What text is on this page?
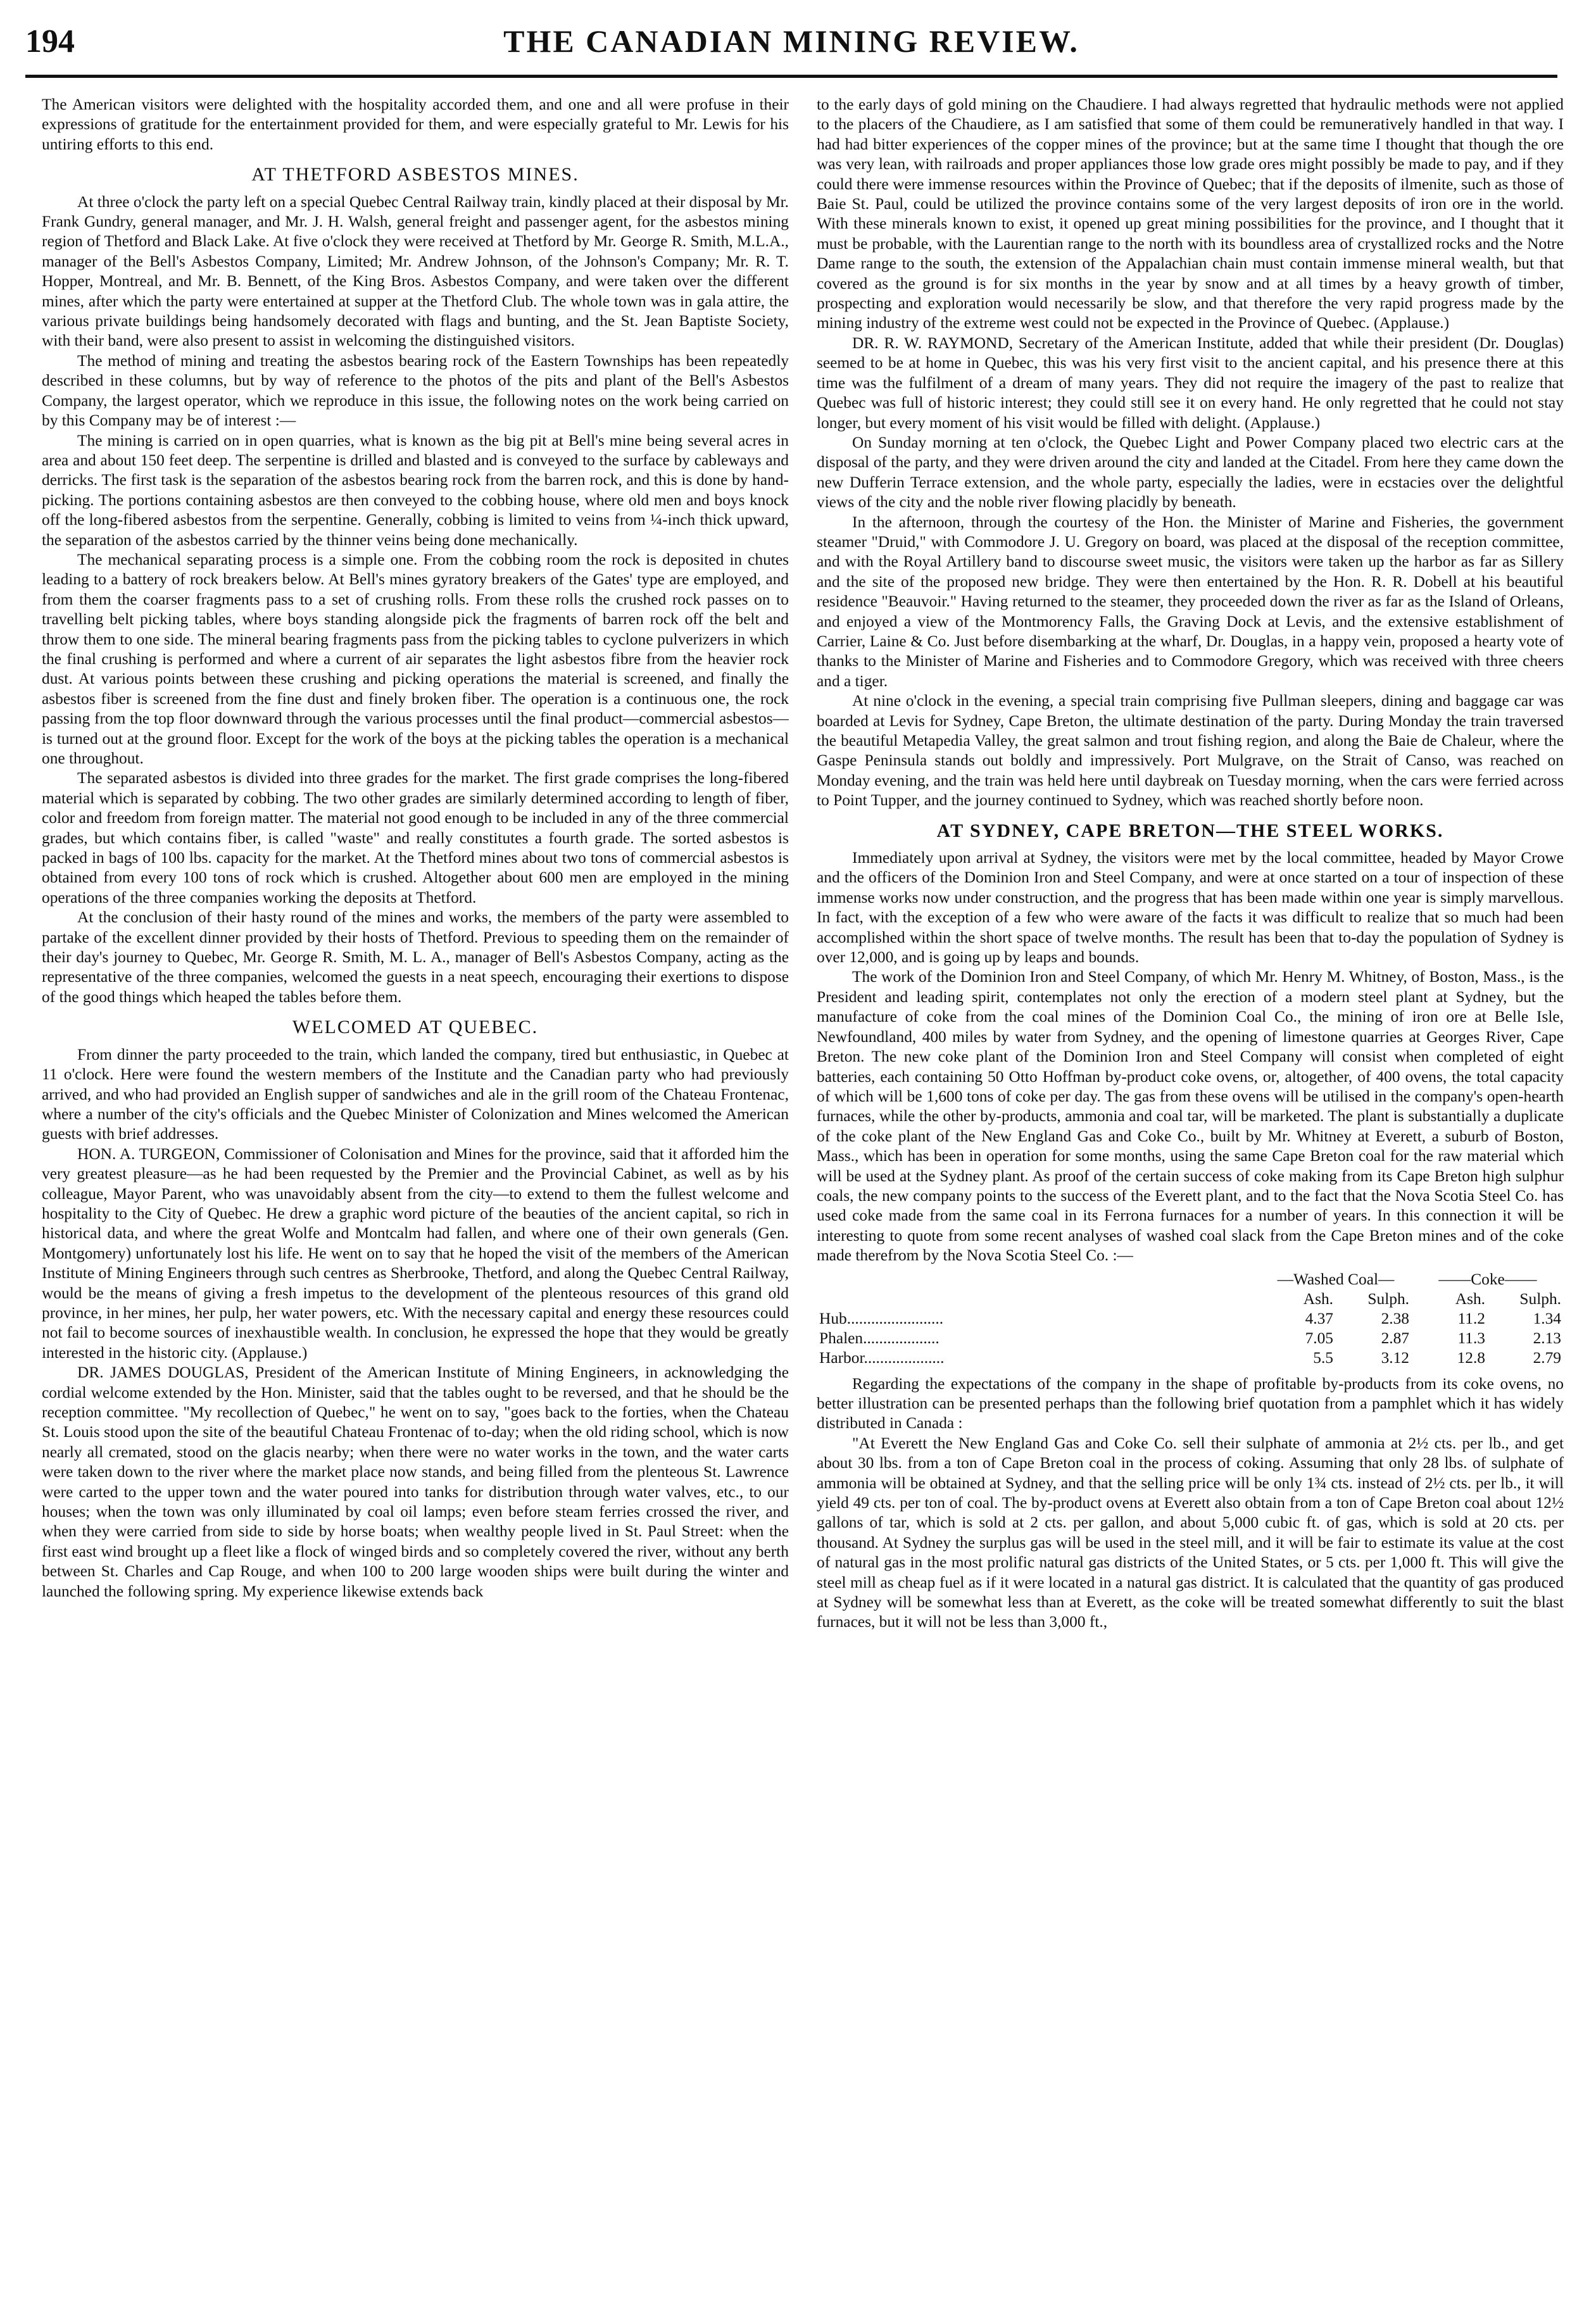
194	THE CANADIAN MINING REVIEW.

The American visitors were delighted with the hospitality accorded them, and one and all were profuse in their expressions of gratitude for the entertainment provided for them, and were especially grateful to Mr. Lewis for his untiring efforts to this end.

AT THETFORD ASBESTOS MINES.

At three o'clock the party left on a special Quebec Central Railway train, kindly placed at their disposal by Mr. Frank Gundry, general manager, and Mr. J. H. Walsh, general freight and passenger agent, for the asbestos mining region of Thetford and Black Lake. At five o'clock they were received at Thetford by Mr. George R. Smith, M.L.A., manager of the Bell's Asbestos Company, Limited; Mr. Andrew Johnson, of the Johnson's Company; Mr. R. T. Hopper, Montreal, and Mr. B. Bennett, of the King Bros. Asbestos Company, and were taken over the different mines, after which the party were entertained at supper at the Thetford Club. The whole town was in gala attire, the various private buildings being handsomely decorated with flags and bunting, and the St. Jean Baptiste Society, with their band, were also present to assist in welcoming the distinguished visitors.

The method of mining and treating the asbestos bearing rock of the Eastern Townships has been repeatedly described in these columns, but by way of reference to the photos of the pits and plant of the Bell's Asbestos Company, the largest operator, which we reproduce in this issue, the following notes on the work being carried on by this Company may be of interest :—

The mining is carried on in open quarries, what is known as the big pit at Bell's mine being several acres in area and about 150 feet deep. The serpentine is drilled and blasted and is conveyed to the surface by cableways and derricks. The first task is the separation of the asbestos bearing rock from the barren rock, and this is done by hand-picking. The portions containing asbestos are then conveyed to the cobbing house, where old men and boys knock off the long-fibered asbestos from the serpentine. Generally, cobbing is limited to veins from ¼-inch thick upward, the separation of the asbestos carried by the thinner veins being done mechanically.

The mechanical separating process is a simple one. From the cobbing room the rock is deposited in chutes leading to a battery of rock breakers below. At Bell's mines gyratory breakers of the Gates' type are employed, and from them the coarser fragments pass to a set of crushing rolls. From these rolls the crushed rock passes on to travelling belt picking tables, where boys standing alongside pick the fragments of barren rock off the belt and throw them to one side. The mineral bearing fragments pass from the picking tables to cyclone pulverizers in which the final crushing is performed and where a current of air separates the light asbestos fibre from the heavier rock dust. At various points between these crushing and picking operations the material is screened, and finally the asbestos fiber is screened from the fine dust and finely broken fiber. The operation is a continuous one, the rock passing from the top floor downward through the various processes until the final product—commercial asbestos—is turned out at the ground floor. Except for the work of the boys at the picking tables the operation is a mechanical one throughout.

The separated asbestos is divided into three grades for the market. The first grade comprises the long-fibered material which is separated by cobbing. The two other grades are similarly determined according to length of fiber, color and freedom from foreign matter. The material not good enough to be included in any of the three commercial grades, but which contains fiber, is called "waste" and really constitutes a fourth grade. The sorted asbestos is packed in bags of 100 lbs. capacity for the market. At the Thetford mines about two tons of commercial asbestos is obtained from every 100 tons of rock which is crushed. Altogether about 600 men are employed in the mining operations of the three companies working the deposits at Thetford.

At the conclusion of their hasty round of the mines and works, the members of the party were assembled to partake of the excellent dinner provided by their hosts of Thetford. Previous to speeding them on the remainder of their day's journey to Quebec, Mr. George R. Smith, M. L. A., manager of Bell's Asbestos Company, acting as the representative of the three companies, welcomed the guests in a neat speech, encouraging their exertions to dispose of the good things which heaped the tables before them.

WELCOMED AT QUEBEC.

From dinner the party proceeded to the train, which landed the company, tired but enthusiastic, in Quebec at 11 o'clock. Here were found the western members of the Institute and the Canadian party who had previously arrived, and who had provided an English supper of sandwiches and ale in the grill room of the Chateau Frontenac, where a number of the city's officials and the Quebec Minister of Colonization and Mines welcomed the American guests with brief addresses.

HON. A. TURGEON, Commissioner of Colonisation and Mines for the province, said that it afforded him the very greatest pleasure—as he had been requested by the Premier and the Provincial Cabinet, as well as by his colleague, Mayor Parent, who was unavoidably absent from the city—to extend to them the fullest welcome and hospitality to the City of Quebec. He drew a graphic word picture of the beauties of the ancient capital, so rich in historical data, and where the great Wolfe and Montcalm had fallen, and where one of their own generals (Gen. Montgomery) unfortunately lost his life. He went on to say that he hoped the visit of the members of the American Institute of Mining Engineers through such centres as Sherbrooke, Thetford, and along the Quebec Central Railway, would be the means of giving a fresh impetus to the development of the plenteous resources of this grand old province, in her mines, her pulp, her water powers, etc. With the necessary capital and energy these resources could not fail to become sources of inexhaustible wealth. In conclusion, he expressed the hope that they would be greatly interested in the historic city. (Applause.)

DR. JAMES DOUGLAS, President of the American Institute of Mining Engineers, in acknowledging the cordial welcome extended by the Hon. Minister, said that the tables ought to be reversed, and that he should be the reception committee. "My recollection of Quebec," he went on to say, "goes back to the forties, when the Chateau St. Louis stood upon the site of the beautiful Chateau Frontenac of to-day; when the old riding school, which is now nearly all cremated, stood on the glacis nearby; when there were no water works in the town, and the water carts were taken down to the river where the market place now stands, and being filled from the plenteous St. Lawrence were carted to the upper town and the water poured into tanks for distribution through water valves, etc., to our houses; when the town was only illuminated by coal oil lamps; even before steam ferries crossed the river, and when they were carried from side to side by horse boats; when wealthy people lived in St. Paul Street: when the first east wind brought up a fleet like a flock of winged birds and so completely covered the river, without any berth between St. Charles and Cap Rouge, and when 100 to 200 large wooden ships were built during the winter and launched the following spring. My experience likewise extends back

to the early days of gold mining on the Chaudiere. I had always regretted that hydraulic methods were not applied to the placers of the Chaudiere, as I am satisfied that some of them could be remuneratively handled in that way. I had had bitter experiences of the copper mines of the province; but at the same time I thought that though the ore was very lean, with railroads and proper appliances those low grade ores might possibly be made to pay, and if they could there were immense resources within the Province of Quebec; that if the deposits of ilmenite, such as those of Baie St. Paul, could be utilized the province contains some of the very largest deposits of iron ore in the world. With these minerals known to exist, it opened up great mining possibilities for the province, and I thought that it must be probable, with the Laurentian range to the north with its boundless area of crystallized rocks and the Notre Dame range to the south, the extension of the Appalachian chain must contain immense mineral wealth, but that covered as the ground is for six months in the year by snow and at all times by a heavy growth of timber, prospecting and exploration would necessarily be slow, and that therefore the very rapid progress made by the mining industry of the extreme west could not be expected in the Province of Quebec. (Applause.)

DR. R. W. RAYMOND, Secretary of the American Institute, added that while their president (Dr. Douglas) seemed to be at home in Quebec, this was his very first visit to the ancient capital, and his presence there at this time was the fulfilment of a dream of many years. They did not require the imagery of the past to realize that Quebec was full of historic interest; they could still see it on every hand. He only regretted that he could not stay longer, but every moment of his visit would be filled with delight. (Applause.)

On Sunday morning at ten o'clock, the Quebec Light and Power Company placed two electric cars at the disposal of the party, and they were driven around the city and landed at the Citadel. From here they came down the new Dufferin Terrace extension, and the whole party, especially the ladies, were in ecstacies over the delightful views of the city and the noble river flowing placidly by beneath.

In the afternoon, through the courtesy of the Hon. the Minister of Marine and Fisheries, the government steamer "Druid," with Commodore J. U. Gregory on board, was placed at the disposal of the reception committee, and with the Royal Artillery band to discourse sweet music, the visitors were taken up the harbor as far as Sillery and the site of the proposed new bridge. They were then entertained by the Hon. R. R. Dobell at his beautiful residence "Beauvoir." Having returned to the steamer, they proceeded down the river as far as the Island of Orleans, and enjoyed a view of the Montmorency Falls, the Graving Dock at Levis, and the extensive establishment of Carrier, Laine & Co. Just before disembarking at the wharf, Dr. Douglas, in a happy vein, proposed a hearty vote of thanks to the Minister of Marine and Fisheries and to Commodore Gregory, which was received with three cheers and a tiger.

At nine o'clock in the evening, a special train comprising five Pullman sleepers, dining and baggage car was boarded at Levis for Sydney, Cape Breton, the ultimate destination of the party. During Monday the train traversed the beautiful Metapedia Valley, the great salmon and trout fishing region, and along the Baie de Chaleur, where the Gaspe Peninsula stands out boldly and impressively. Port Mulgrave, on the Strait of Canso, was reached on Monday evening, and the train was held here until daybreak on Tuesday morning, when the cars were ferried across to Point Tupper, and the journey continued to Sydney, which was reached shortly before noon.

AT SYDNEY, CAPE BRETON—THE STEEL WORKS.

Immediately upon arrival at Sydney, the visitors were met by the local committee, headed by Mayor Crowe and the officers of the Dominion Iron and Steel Company, and were at once started on a tour of inspection of these immense works now under construction, and the progress that has been made within one year is simply marvellous. In fact, with the exception of a few who were aware of the facts it was difficult to realize that so much had been accomplished within the short space of twelve months. The result has been that to-day the population of Sydney is over 12,000, and is going up by leaps and bounds.

The work of the Dominion Iron and Steel Company, of which Mr. Henry M. Whitney, of Boston, Mass., is the President and leading spirit, contemplates not only the erection of a modern steel plant at Sydney, but the manufacture of coke from the coal mines of the Dominion Coal Co., the mining of iron ore at Belle Isle, Newfoundland, 400 miles by water from Sydney, and the opening of limestone quarries at Georges River, Cape Breton. The new coke plant of the Dominion Iron and Steel Company will consist when completed of eight batteries, each containing 50 Otto Hoffman by-product coke ovens, or, altogether, of 400 ovens, the total capacity of which will be 1,600 tons of coke per day. The gas from these ovens will be utilised in the company's open-hearth furnaces, while the other by-products, ammonia and coal tar, will be marketed. The plant is substantially a duplicate of the coke plant of the New England Gas and Coke Co., built by Mr. Whitney at Everett, a suburb of Boston, Mass., which has been in operation for some months, using the same Cape Breton coal for the raw material which will be used at the Sydney plant. As proof of the certain success of coke making from its Cape Breton high sulphur coals, the new company points to the success of the Everett plant, and to the fact that the Nova Scotia Steel Co. has used coke made from the same coal in its Ferrona furnaces for a number of years. In this connection it will be interesting to quote from some recent analyses of washed coal slack from the Cape Breton mines and of the coke made therefrom by the Nova Scotia Steel Co. :—

	—Washed Coal—		——Coke——	
	Ash.	Sulph.	Ash.	Sulph.
Hub........................	4.37	2.38	11.2	1.34
Phalen...................	7.05	2.87	11.3	2.13
Harbor....................	5.5	3.12	12.8	2.79

Regarding the expectations of the company in the shape of profitable by-products from its coke ovens, no better illustration can be presented perhaps than the following brief quotation from a pamphlet which it has widely distributed in Canada :

"At Everett the New England Gas and Coke Co. sell their sulphate of ammonia at 2½ cts. per lb., and get about 30 lbs. from a ton of Cape Breton coal in the process of coking. Assuming that only 28 lbs. of sulphate of ammonia will be obtained at Sydney, and that the selling price will be only 1¾ cts. instead of 2½ cts. per lb., it will yield 49 cts. per ton of coal. The by-product ovens at Everett also obtain from a ton of Cape Breton coal about 12½ gallons of tar, which is sold at 2 cts. per gallon, and about 5,000 cubic ft. of gas, which is sold at 20 cts. per thousand. At Sydney the surplus gas will be used in the steel mill, and it will be fair to estimate its value at the cost of natural gas in the most prolific natural gas districts of the United States, or 5 cts. per 1,000 ft. This will give the steel mill as cheap fuel as if it were located in a natural gas district. It is calculated that the quantity of gas produced at Sydney will be somewhat less than at Everett, as the coke will be treated somewhat differently to suit the blast furnaces, but it will not be less than 3,000 ft.,
